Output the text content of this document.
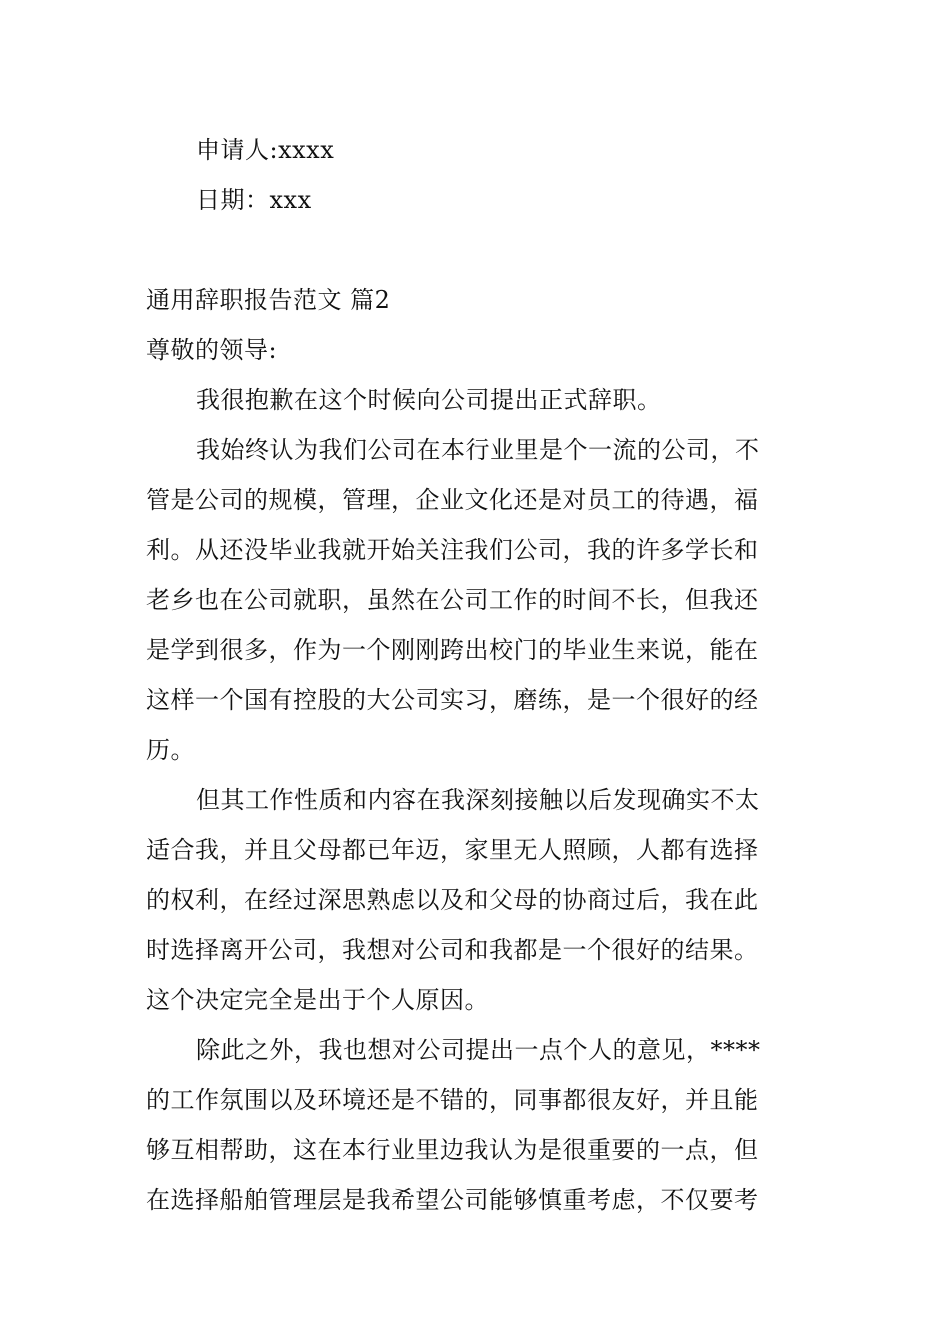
申请人:xxxx
日期：xxx
通用辞职报告范文 篇2
尊敬的领导:
我很抱歉在这个时候向公司提出正式辞职。
我始终认为我们公司在本行业里是个一流的公司，不
管是公司的规模，管理，企业文化还是对员工的待遇，福
利。从还没毕业我就开始关注我们公司，我的许多学长和
老乡也在公司就职，虽然在公司工作的时间不长，但我还
是学到很多，作为一个刚刚跨出校门的毕业生来说，能在
这样一个国有控股的大公司实习，磨练，是一个很好的经
历。
但其工作性质和内容在我深刻接触以后发现确实不太
适合我，并且父母都已年迈，家里无人照顾，人都有选择
的权利，在经过深思熟虑以及和父母的协商过后，我在此
时选择离开公司，我想对公司和我都是一个很好的结果。
这个决定完全是出于个人原因。
除此之外，我也想对公司提出一点个人的意见，****
的工作氛围以及环境还是不错的，同事都很友好，并且能
够互相帮助，这在本行业里边我认为是很重要的一点，但
在选择船舶管理层是我希望公司能够慎重考虑，不仅要考
